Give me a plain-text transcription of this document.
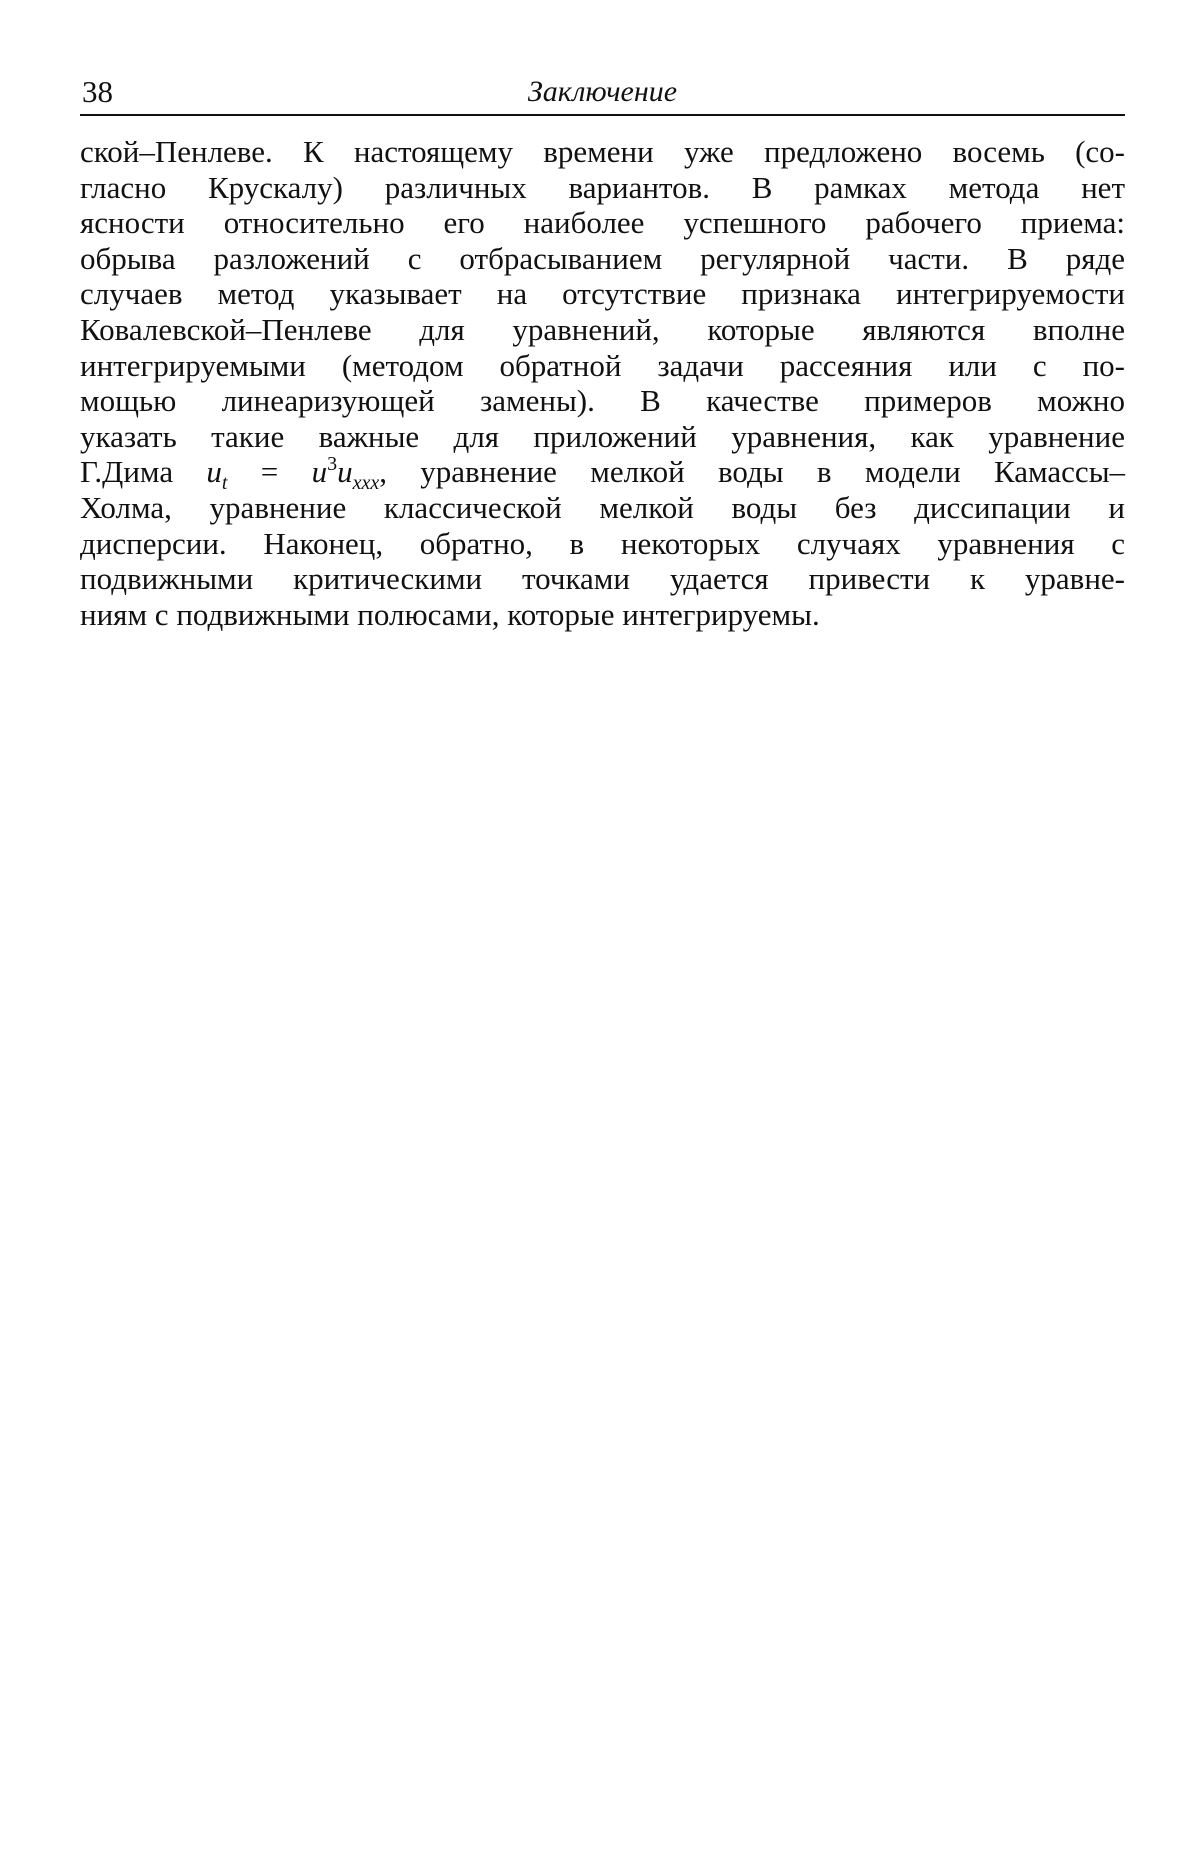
38	Заключение
ской–Пенлеве. К настоящему времени уже предложено восемь (со-
гласно Крускалу) различных вариантов. В рамках метода нет
ясности относительно его наиболее успешного рабочего приема:
обрыва разложений с отбрасыванием регулярной части. В ряде
случаев метод указывает на отсутствие признака интегрируемости
Ковалевской–Пенлеве для уравнений, которые являются вполне
интегрируемыми (методом обратной задачи рассеяния или с по-
мощью линеаризующей замены). В качестве примеров можно
указать такие важные для приложений уравнения, как уравнение
Г.Дима $u_t = u^3u_{xxx}$, уравнение мелкой воды в модели Камассы–
Холма, уравнение классической мелкой воды без диссипации и
дисперсии. Наконец, обратно, в некоторых случаях уравнения с
подвижными критическими точками удается привести к уравне-
ниям с подвижными полюсами, которые интегрируемы.
